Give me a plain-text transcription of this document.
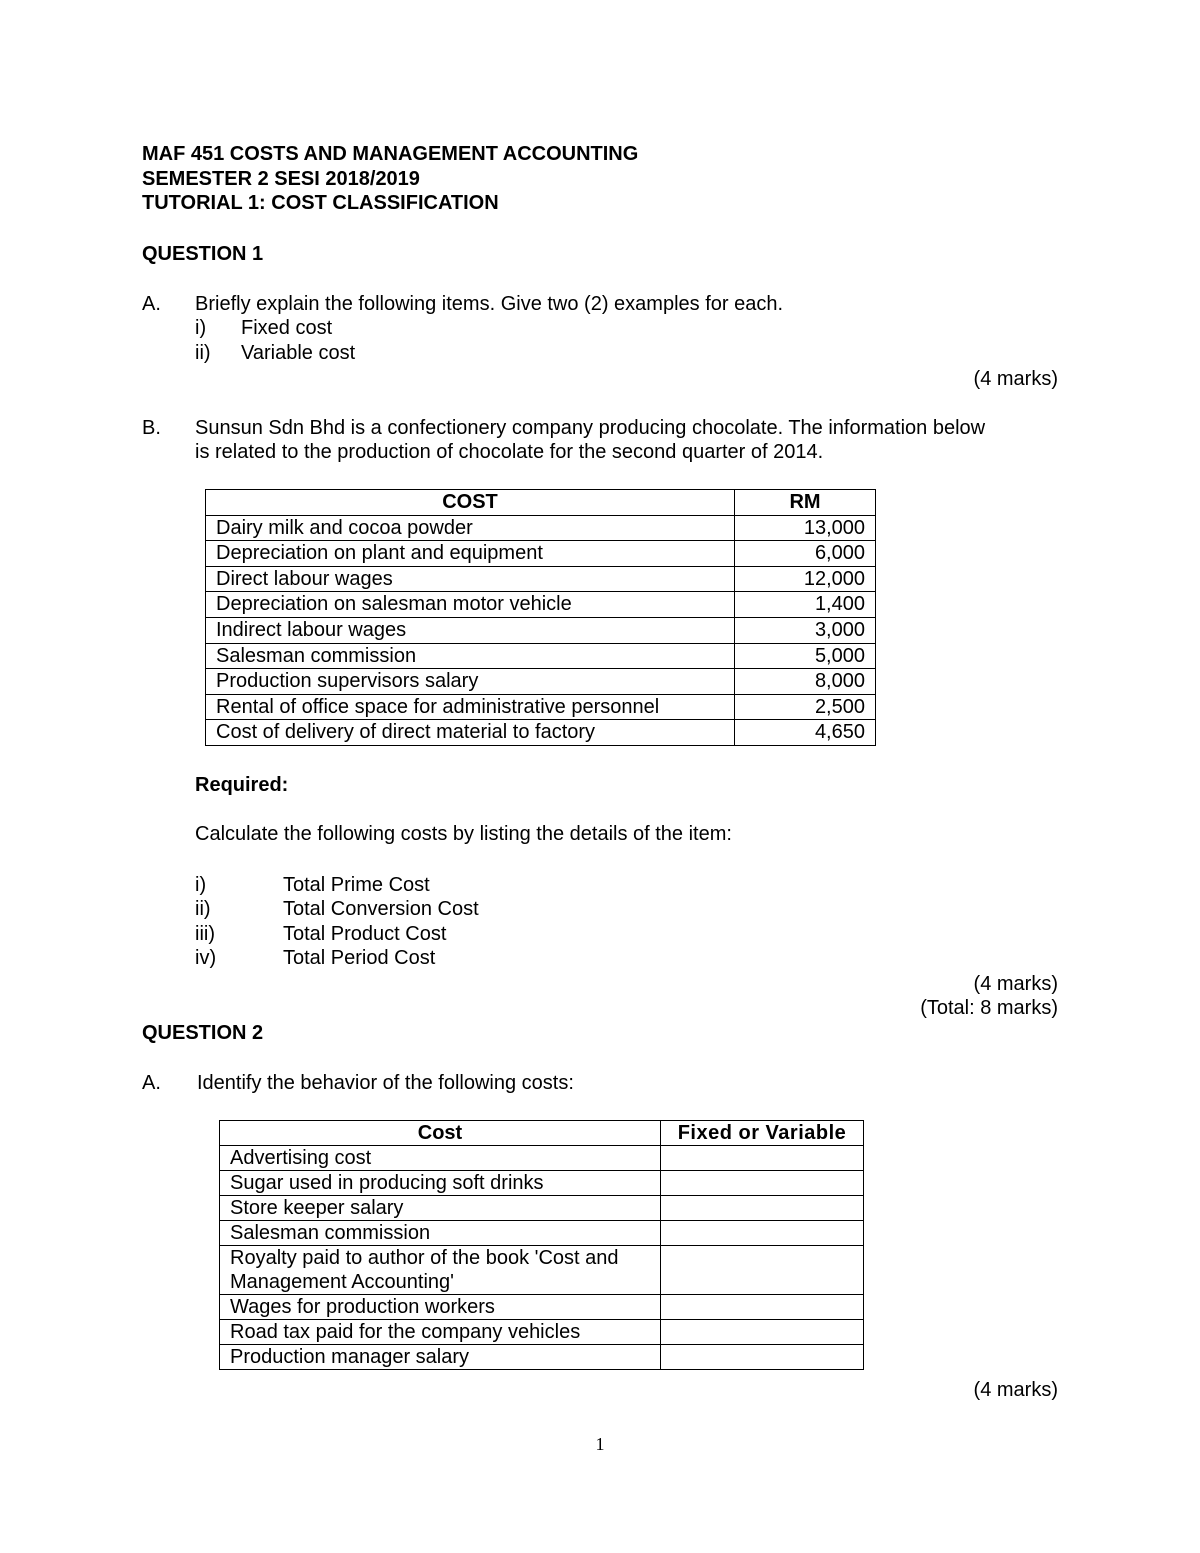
MAF 451 COSTS AND MANAGEMENT ACCOUNTING
SEMESTER 2 SESI 2018/2019
TUTORIAL 1: COST CLASSIFICATION
QUESTION 1
A. Briefly explain the following items. Give two (2) examples for each.
i) Fixed cost
ii) Variable cost
(4 marks)
B. Sunsun Sdn Bhd is a confectionery company producing chocolate. The information below
is related to the production of chocolate for the second quarter of 2014.
COST	RM
Dairy milk and cocoa powder	13,000
Depreciation on plant and equipment	6,000
Direct labour wages	12,000
Depreciation on salesman motor vehicle	1,400
Indirect labour wages	3,000
Salesman commission	5,000
Production supervisors salary	8,000
Rental of office space for administrative personnel	2,500
Cost of delivery of direct material to factory	4,650
Required:
Calculate the following costs by listing the details of the item:
i)	Total Prime Cost
ii)	Total Conversion Cost
iii)	Total Product Cost
iv)	Total Period Cost
(4 marks)
(Total: 8 marks)
QUESTION 2
A. Identify the behavior of the following costs:
Cost	Fixed or Variable
Advertising cost	
Sugar used in producing soft drinks	
Store keeper salary	
Salesman commission	

Royalty paid to author of the book 'Cost and
Management Accounting'	

Wages for production workers	
Road tax paid for the company vehicles	
Production manager salary	
(4 marks)
1
